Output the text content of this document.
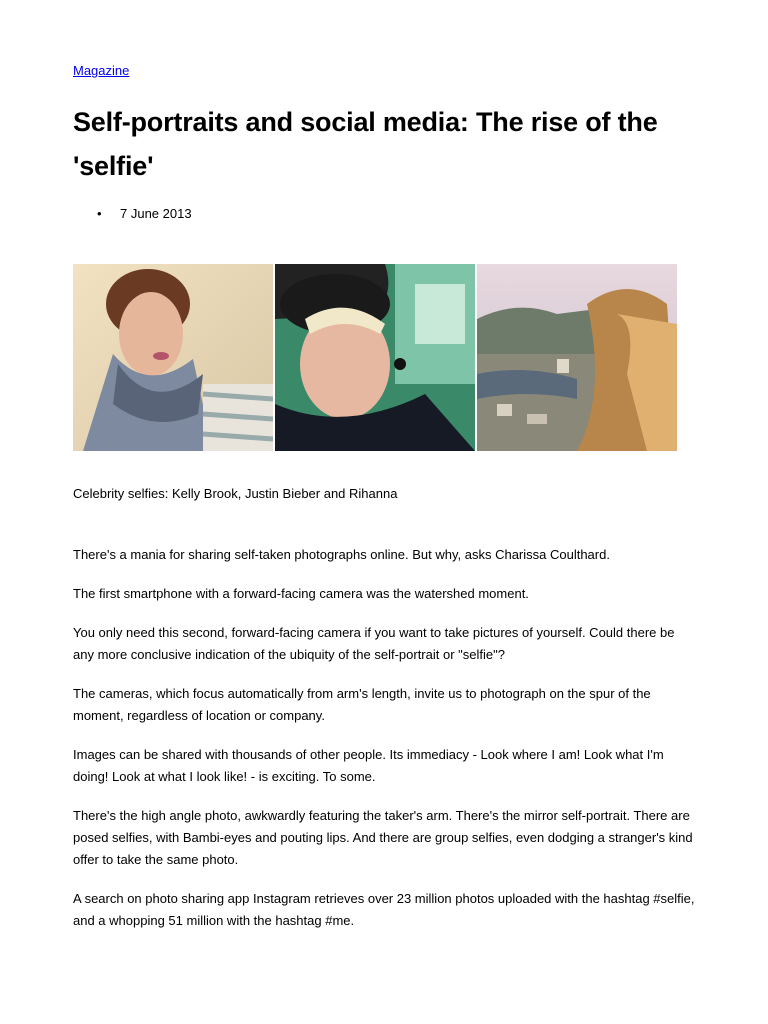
Magazine
Self-portraits and social media: The rise of the 'selfie'
• 7 June 2013

Celebrity selfies: Kelly Brook, Justin Bieber and Rihanna

There's a mania for sharing self-taken photographs online. But why, asks Charissa Coulthard.

The first smartphone with a forward-facing camera was the watershed moment.

You only need this second, forward-facing camera if you want to take pictures of yourself. Could there be any more conclusive indication of the ubiquity of the self-portrait or "selfie"?

The cameras, which focus automatically from arm's length, invite us to photograph on the spur of the moment, regardless of location or company.

Images can be shared with thousands of other people. Its immediacy - Look where I am! Look what I'm doing! Look at what I look like! - is exciting. To some.

There's the high angle photo, awkwardly featuring the taker's arm. There's the mirror self-portrait. There are posed selfies, with Bambi-eyes and pouting lips. And there are group selfies, even dodging a stranger's kind offer to take the same photo.

A search on photo sharing app Instagram retrieves over 23 million photos uploaded with the hashtag #selfie, and a whopping 51 million with the hashtag #me.
